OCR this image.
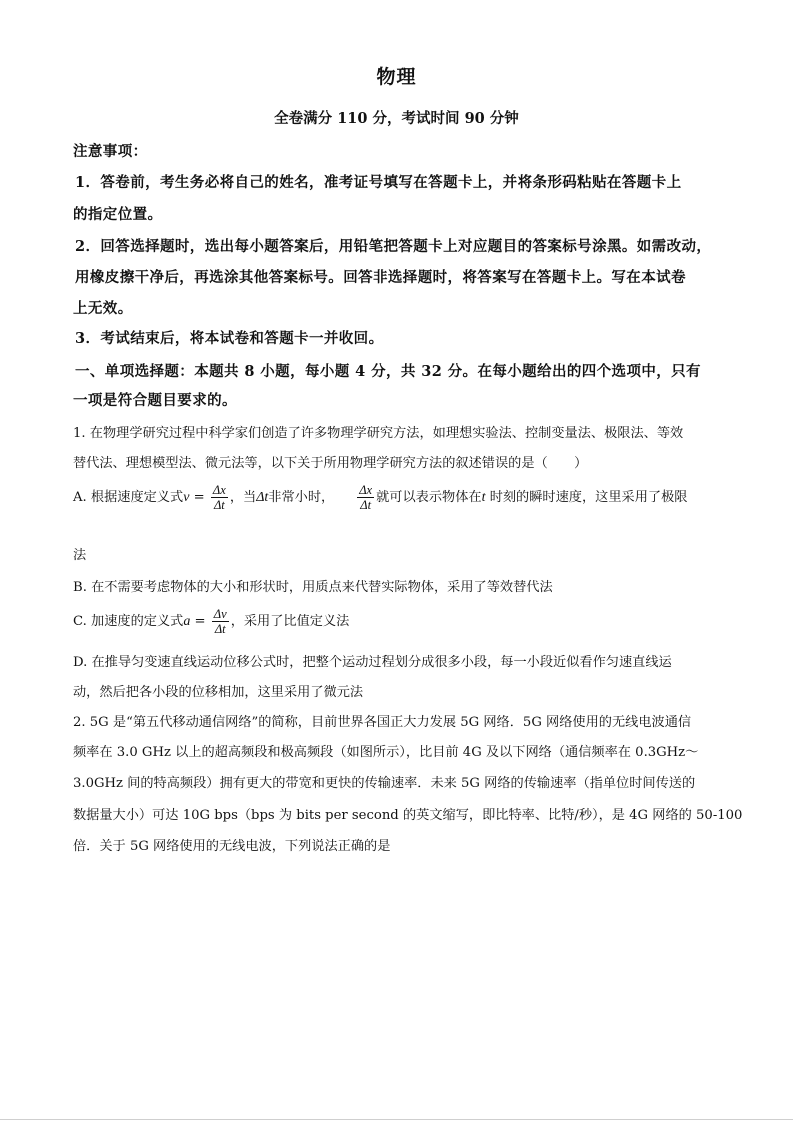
物理
全卷满分 110 分，考试时间 90 分钟
注意事项：
1．答卷前，考生务必将自己的姓名，准考证号填写在答题卡上，并将条形码粘贴在答题卡上
的指定位置。
2．回答选择题时，选出每小题答案后，用铅笔把答题卡上对应题目的答案标号涂黑。如需改动，
用橡皮擦干净后，再选涂其他答案标号。回答非选择题时，将答案写在答题卡上。写在本试卷
上无效。
3．考试结束后，将本试卷和答题卡一并收回。
一、单项选择题：本题共 8 小题，每小题 4 分，共 32 分。在每小题给出的四个选项中，只有
一项是符合题目要求的。
1. 在物理学研究过程中科学家们创造了许多物理学研究方法，如理想实验法、控制变量法、极限法、等效
替代法、理想模型法、微元法等，以下关于所用物理学研究方法的叙述错误的是（　　）
A. 根据速度定义式$v = \frac{\Delta x}{\Delta t}$ ，当Δt非常小时， $\frac{\Delta x}{\Delta t}$ 就可以表示物体在t 时刻的瞬时速度，这里采用了极限
法
B. 在不需要考虑物体的大小和形状时，用质点来代替实际物体，采用了等效替代法
C. 加速度的定义式$a = \frac{\Delta v}{\Delta t}$ ，采用了比值定义法
D. 在推导匀变速直线运动位移公式时，把整个运动过程划分成很多小段，每一小段近似看作匀速直线运
动，然后把各小段的位移相加，这里采用了微元法
2. 5G 是“第五代移动通信网络”的简称，目前世界各国正大力发展 5G 网络．5G 网络使用的无线电波通信
频率在 3.0 GHz 以上的超高频段和极高频段（如图所示），比目前 4G 及以下网络（通信频率在 0.3GHz～
3.0GHz 间的特高频段）拥有更大的带宽和更快的传输速率．未来 5G 网络的传输速率（指单位时间传送的
数据量大小）可达 10G bps（bps 为 bits per second 的英文缩写，即比特率、比特/秒），是 4G 网络的 50-100
倍．关于 5G 网络使用的无线电波，下列说法正确的是
